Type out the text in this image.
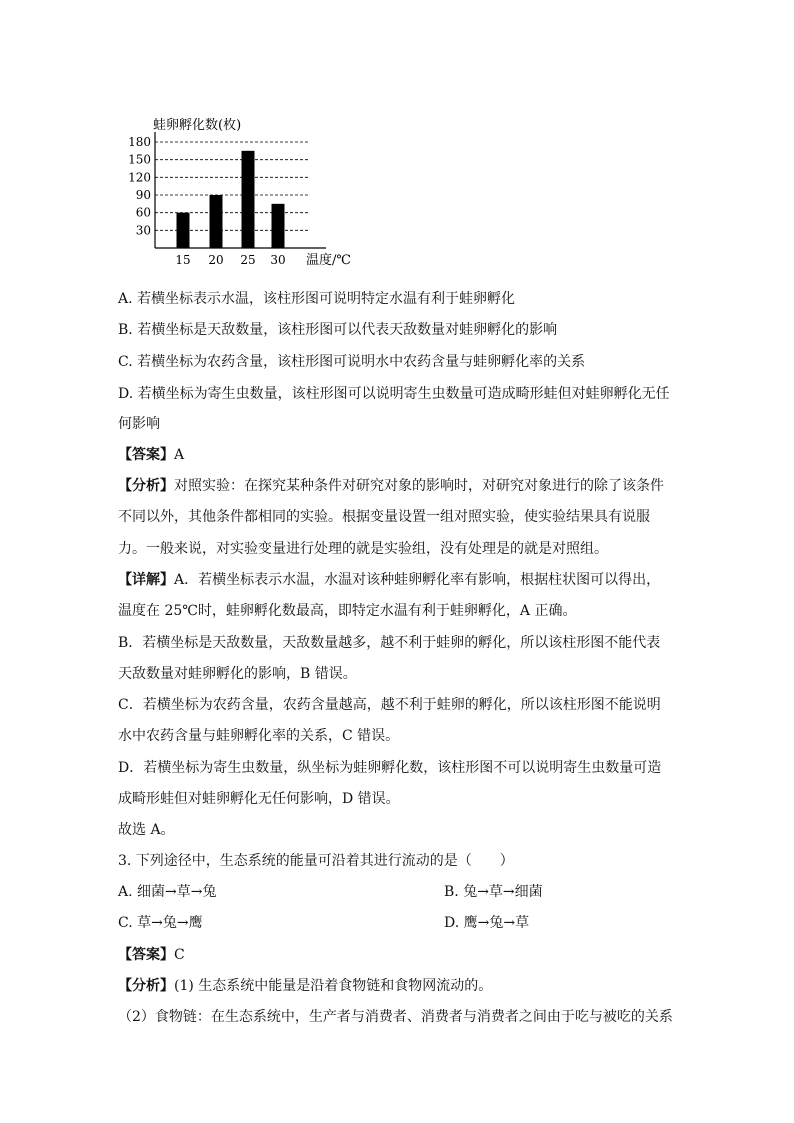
30
60
90
120
150
180
15 20 25 30
蛙卵孵化数(枚)
温度/℃
A. 若横坐标表示水温，该柱形图可说明特定水温有利于蛙卵孵化
B. 若横坐标是天敌数量，该柱形图可以代表天敌数量对蛙卵孵化的影响
C. 若横坐标为农药含量，该柱形图可说明水中农药含量与蛙卵孵化率的关系
D. 若横坐标为寄生虫数量，该柱形图可以说明寄生虫数量可造成畸形蛙但对蛙卵孵化无任
何影响
【答案】A
【分析】对照实验：在探究某种条件对研究对象的影响时，对研究对象进行的除了该条件
不同以外，其他条件都相同的实验。根据变量设置一组对照实验，使实验结果具有说服
力。一般来说，对实验变量进行处理的就是实验组，没有处理是的就是对照组。
【详解】A．若横坐标表示水温，水温对该种蛙卵孵化率有影响，根据柱状图可以得出，
温度在 25℃时，蛙卵孵化数最高，即特定水温有利于蛙卵孵化，A 正确。
B．若横坐标是天敌数量，天敌数量越多，越不利于蛙卵的孵化，所以该柱形图不能代表
天敌数量对蛙卵孵化的影响，B 错误。
C．若横坐标为农药含量，农药含量越高，越不利于蛙卵的孵化，所以该柱形图不能说明
水中农药含量与蛙卵孵化率的关系，C 错误。
D．若横坐标为寄生虫数量，纵坐标为蛙卵孵化数，该柱形图不可以说明寄生虫数量可造
成畸形蛙但对蛙卵孵化无任何影响，D 错误。
故选 A。
3. 下列途径中，生态系统的能量可沿着其进行流动的是（　　）
A. 细菌→草→兔	B. 兔→草→细菌
C. 草→兔→鹰	D. 鹰→兔→草
【答案】C
【分析】(1) 生态系统中能量是沿着食物链和食物网流动的。
（2）食物链：在生态系统中，生产者与消费者、消费者与消费者之间由于吃与被吃的关系
